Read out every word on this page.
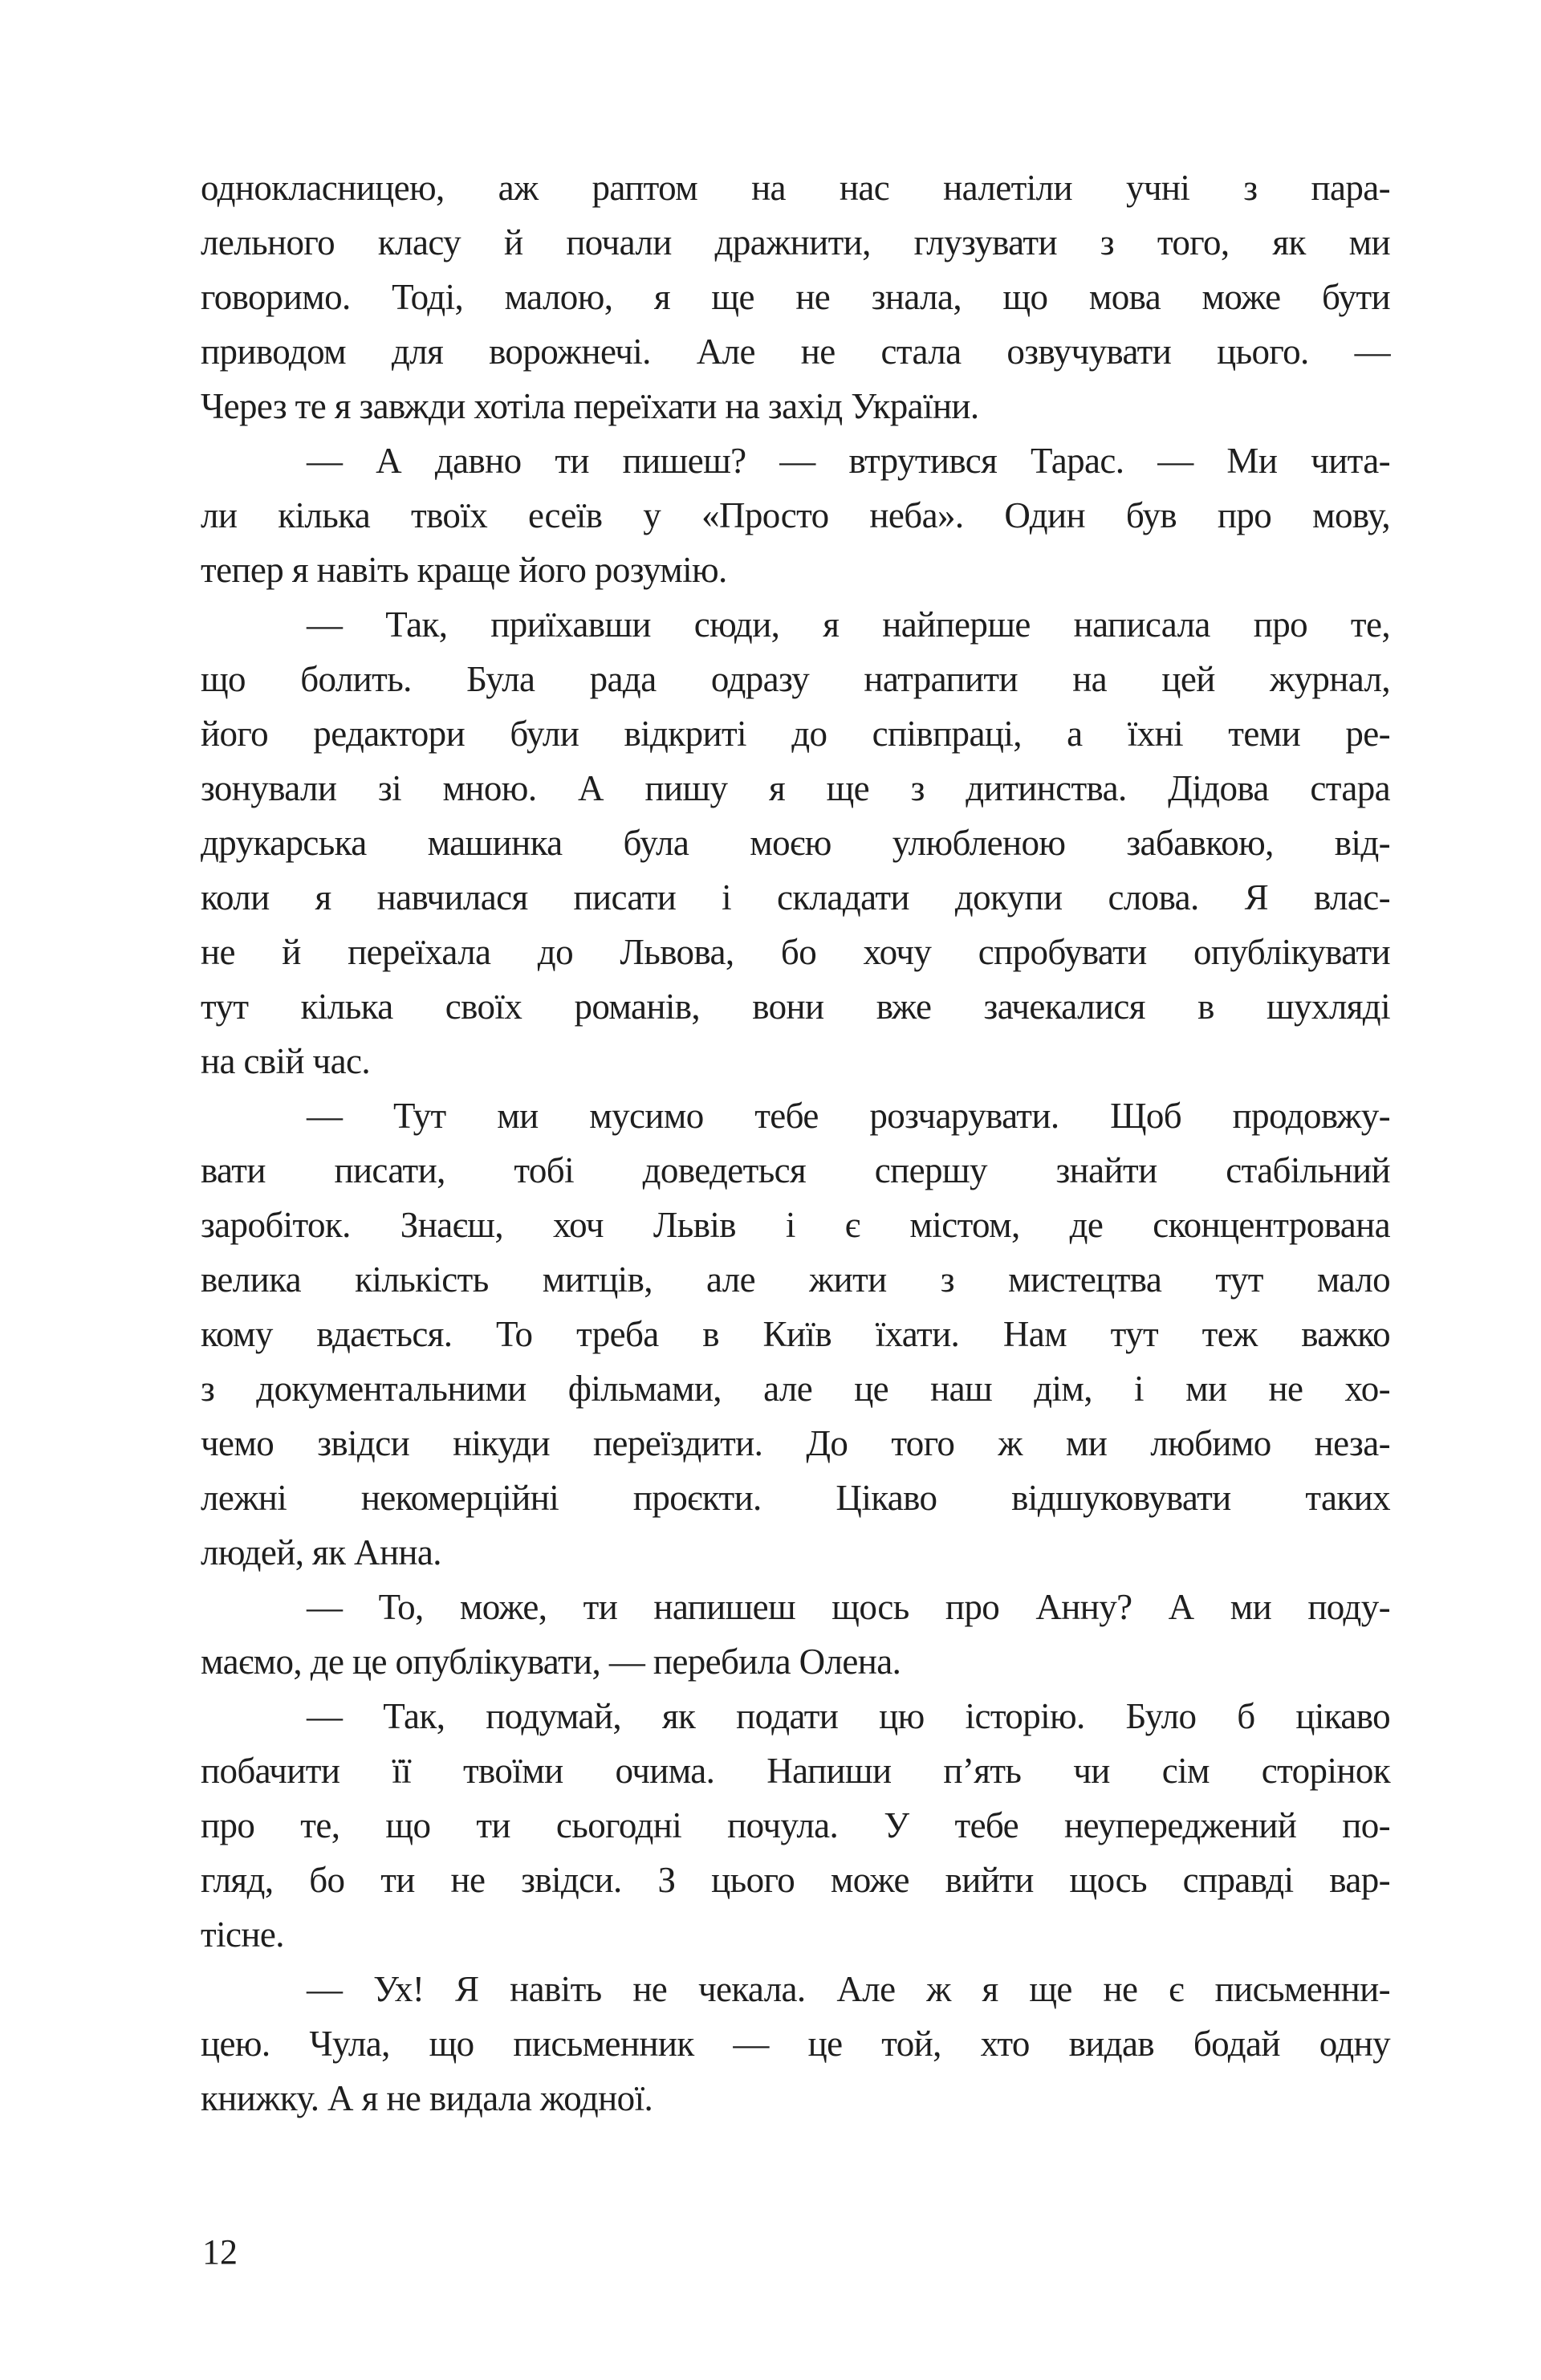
однокласницею, аж раптом на нас налетіли учні з пара-
лельного класу й почали дражнити, глузувати з того, як ми
говоримо. Тоді, малою, я ще не знала, що мова може бути
приводом для ворожнечі. Але не стала озвучувати цього. —
Через те я завжди хотіла переїхати на захід України.
— А давно ти пишеш? — втрутився Тарас. — Ми чита-
ли кілька твоїх есеїв у «Просто неба». Один був про мову,
тепер я навіть краще його розумію.
— Так, приїхавши сюди, я найперше написала про те,
що болить. Була рада одразу натрапити на цей журнал,
його редактори були відкриті до співпраці, а їхні теми ре-
зонували зі мною. А пишу я ще з дитинства. Дідова стара
друкарська машинка була моєю улюбленою забавкою, від-
коли я навчилася писати і складати докупи слова. Я влас-
не й переїхала до Львова, бо хочу спробувати опублікувати
тут кілька своїх романів, вони вже зачекалися в шухляді
на свій час.
— Тут ми мусимо тебе розчарувати. Щоб продовжу-
вати писати, тобі доведеться спершу знайти стабільний
заробіток. Знаєш, хоч Львів і є містом, де сконцентрована
велика кількість митців, але жити з мистецтва тут мало
кому вдається. То треба в Київ їхати. Нам тут теж важко
з документальними фільмами, але це наш дім, і ми не хо-
чемо звідси нікуди переїздити. До того ж ми любимо неза-
лежні некомерційні проєкти. Цікаво відшуковувати таких
людей, як Анна.
— То, може, ти напишеш щось про Анну? А ми поду-
маємо, де це опублікувати, — перебила Олена.
— Так, подумай, як подати цю історію. Було б цікаво
побачити її твоїми очима. Напиши п’ять чи сім сторінок
про те, що ти сьогодні почула. У тебе неупереджений по-
гляд, бо ти не звідси. З цього може вийти щось справді вар-
тісне.
— Ух! Я навіть не чекала. Але ж я ще не є письменни-
цею. Чула, що письменник — це той, хто видав бодай одну
книжку. А я не видала жодної.
12
